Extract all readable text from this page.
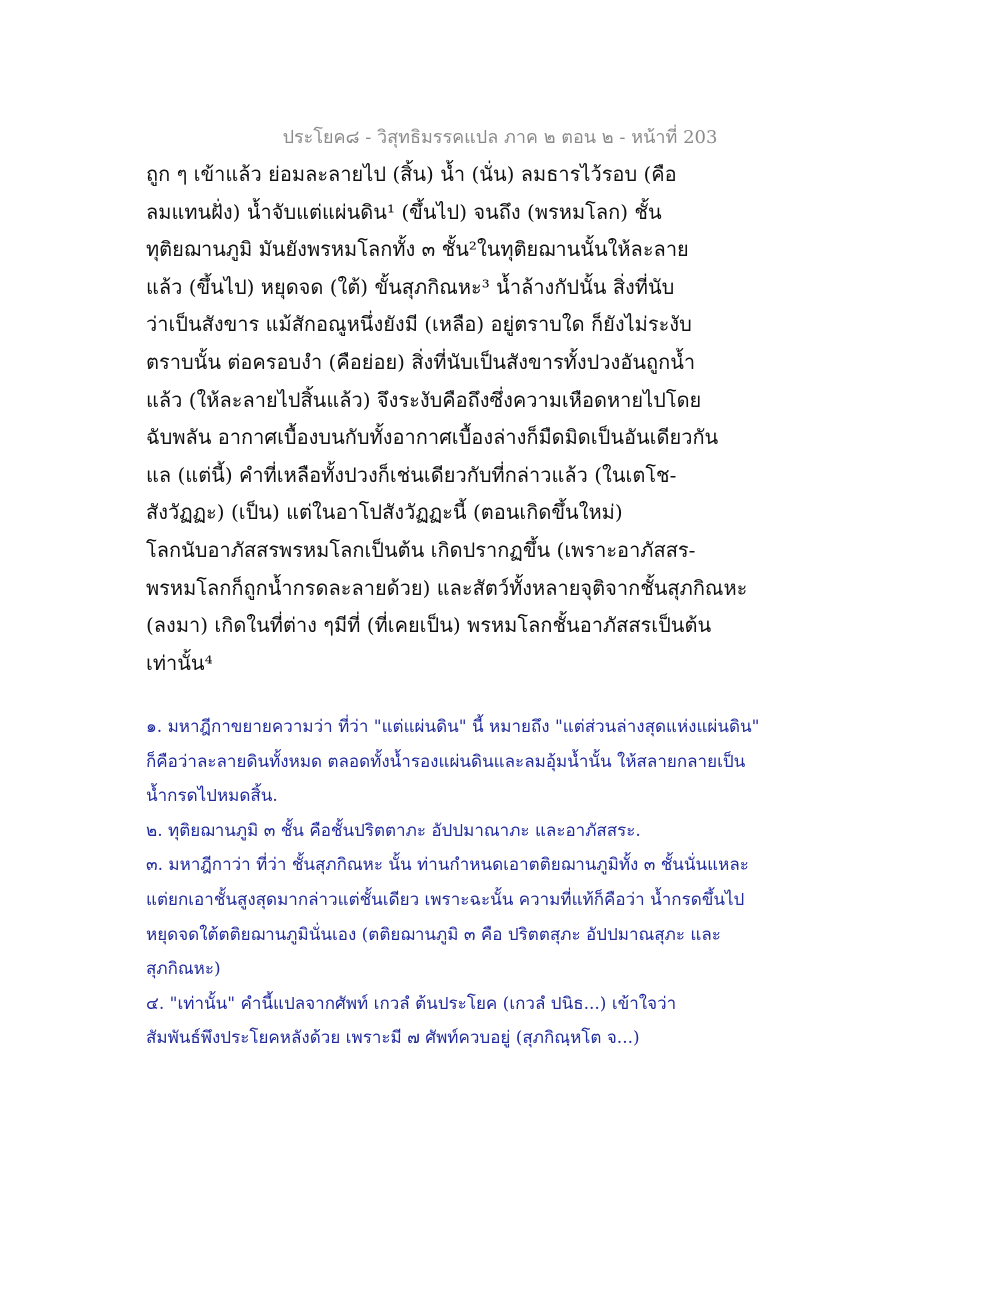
ประโยค๘ - วิสุทธิมรรคแปล ภาค ๒ ตอน ๒ - หน้าที่ 203
ถูก ๆ เข้าแล้ว ย่อมละลายไป (สิ้น) น้ำ (นั่น) ลมธารไว้รอบ (คือ
ลมแทนฝั่ง) น้ำจับแต่แผ่นดิน¹ (ขึ้นไป) จนถึง (พรหมโลก) ชั้น
ทุติยฌานภูมิ มันยังพรหมโลกทั้ง ๓ ชั้น²ในทุติยฌานนั้นให้ละลาย
แล้ว (ขึ้นไป) หยุดจด (ใต้) ขั้นสุภกิณหะ³ น้ำล้างกัปนั้น สิ่งที่นับ
ว่าเป็นสังขาร แม้สักอณูหนึ่งยังมี (เหลือ) อยู่ตราบใด ก็ยังไม่ระงับ
ตราบนั้น ต่อครอบงำ (คือย่อย) สิ่งที่นับเป็นสังขารทั้งปวงอันถูกน้ำ
แล้ว (ให้ละลายไปสิ้นแล้ว) จึงระงับคือถึงซึ่งความเหือดหายไปโดย
ฉับพลัน อากาศเบื้องบนกับทั้งอากาศเบื้องล่างก็มืดมิดเป็นอันเดียวกัน
แล (แต่นี้) คำที่เหลือทั้งปวงก็เช่นเดียวกับที่กล่าวแล้ว (ในเตโช-
สังวัฏฏะ) (เป็น) แต่ในอาโปสังวัฏฏะนี้ (ตอนเกิดขึ้นใหม่)
โลกนับอาภัสสรพรหมโลกเป็นต้น เกิดปรากฏขึ้น (เพราะอาภัสสร-
พรหมโลกก็ถูกน้ำกรดละลายด้วย) และสัตว์ทั้งหลายจุติจากชั้นสุภกิณหะ
(ลงมา) เกิดในที่ต่าง ๆมีที่ (ที่เคยเป็น) พรหมโลกชั้นอาภัสสรเป็นต้น
เท่านั้น⁴
๑. มหาฎีกาขยายความว่า ที่ว่า "แต่แผ่นดิน" นี้ หมายถึง "แต่ส่วนล่างสุดแห่งแผ่นดิน"
ก็คือว่าละลายดินทั้งหมด ตลอดทั้งน้ำรองแผ่นดินและลมอุ้มน้ำนั้น ให้สลายกลายเป็น
น้ำกรดไปหมดสิ้น.
๒. ทุติยฌานภูมิ ๓ ชั้น คือชั้นปริตตาภะ อัปปมาณาภะ และอาภัสสระ.
๓. มหาฎีกาว่า ที่ว่า ชั้นสุภกิณหะ นั้น ท่านกำหนดเอาตติยฌานภูมิทั้ง ๓ ชั้นนั่นแหละ
แต่ยกเอาชั้นสูงสุดมากล่าวแต่ชั้นเดียว เพราะฉะนั้น ความที่แท้ก็คือว่า น้ำกรดขึ้นไป
หยุดจดใต้ตติยฌานภูมินั่นเอง (ตติยฌานภูมิ ๓ คือ ปริตตสุภะ อัปปมาณสุภะ และ
สุภกิณหะ)
๔. "เท่านั้น" คำนี้แปลจากศัพท์ เกวลํ ต้นประโยค (เกวลํ ปนิธ...) เข้าใจว่า
สัมพันธ์พึงประโยคหลังด้วย เพราะมี ๗ ศัพท์ควบอยู่ (สุภกิณฺหโต จ...)
